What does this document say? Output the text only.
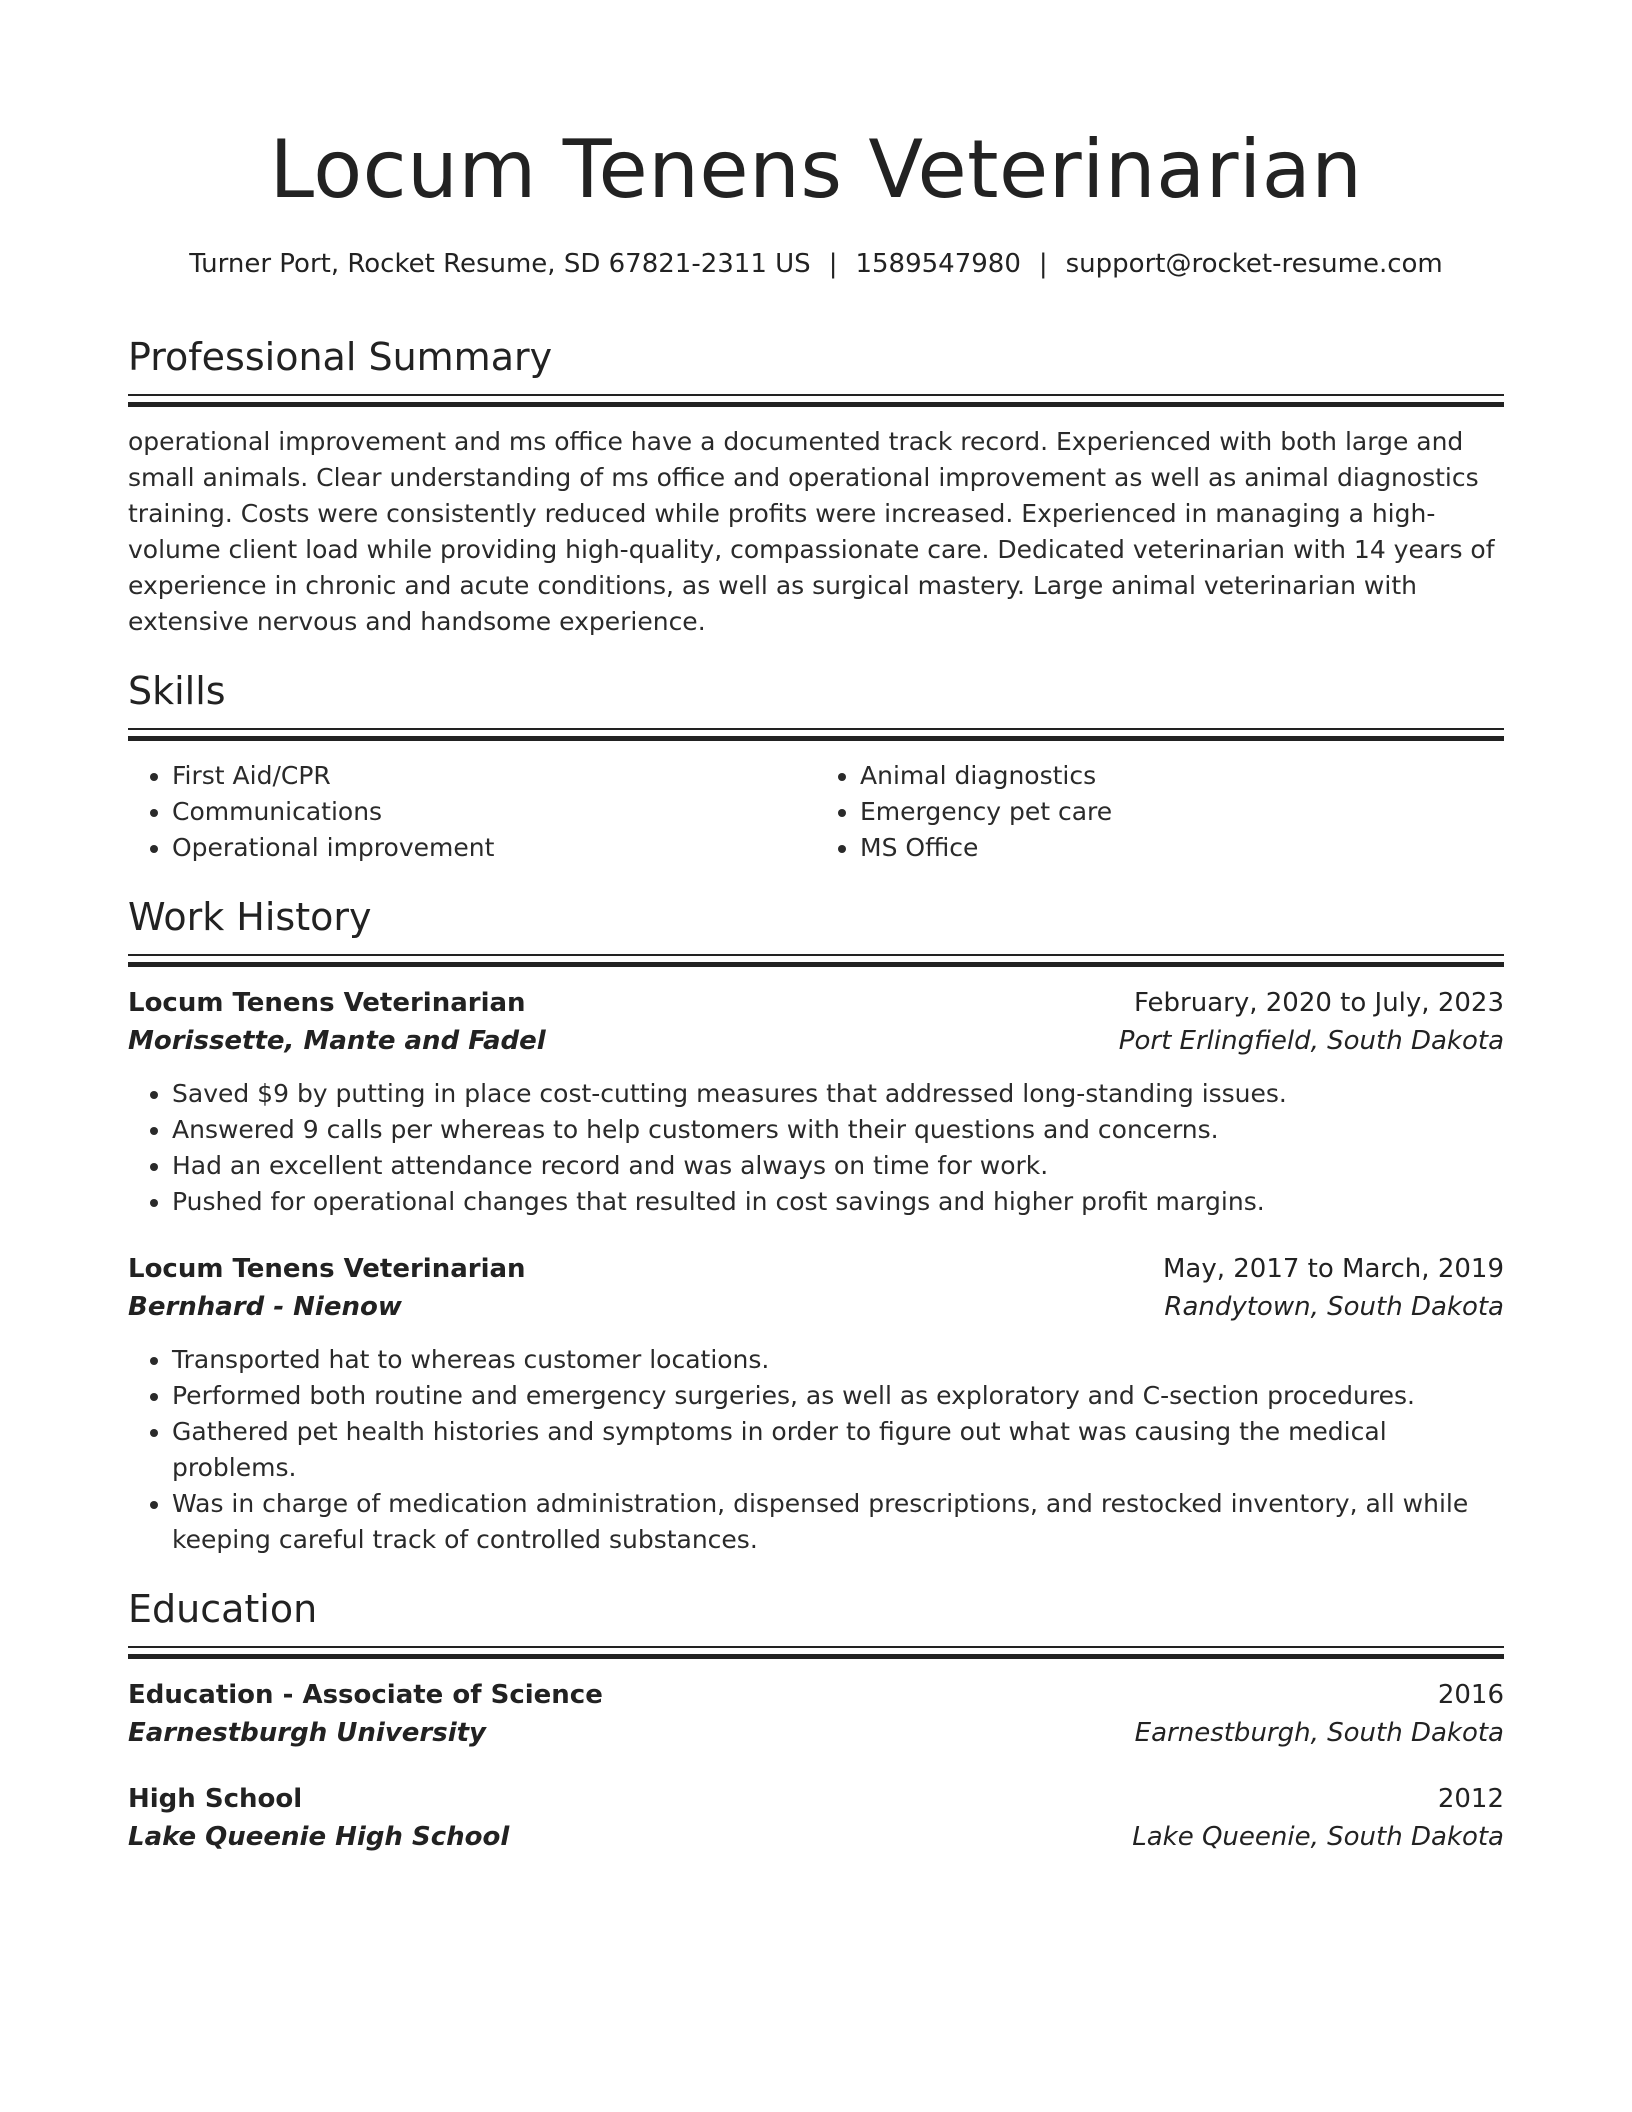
Locum Tenens Veterinarian
Turner Port, Rocket Resume, SD 67821-2311 US | 1589547980 | support@rocket-resume.com
Professional Summary

operational improvement and ms office have a documented track record. Experienced with both large and small animals. Clear understanding of ms office and operational improvement as well as animal diagnostics training. Costs were consistently reduced while profits were increased. Experienced in managing a high-volume client load while providing high-quality, compassionate care. Dedicated veterinarian with 14 years of experience in chronic and acute conditions, as well as surgical mastery. Large animal veterinarian with extensive nervous and handsome experience.

Skills
• First Aid/CPR
• Communications
• Operational improvement
• Animal diagnostics
• Emergency pet care
• MS Office
Work History
Locum Tenens Veterinarian	February, 2020 to July, 2023
Morissette, Mante and Fadel	Port Erlingfield, South Dakota
• Saved $9 by putting in place cost-cutting measures that addressed long-standing issues.
• Answered 9 calls per whereas to help customers with their questions and concerns.
• Had an excellent attendance record and was always on time for work.
• Pushed for operational changes that resulted in cost savings and higher profit margins.
Locum Tenens Veterinarian	May, 2017 to March, 2019
Bernhard - Nienow	Randytown, South Dakota
• Transported hat to whereas customer locations.
• Performed both routine and emergency surgeries, as well as exploratory and C-section procedures.
• Gathered pet health histories and symptoms in order to figure out what was causing the medical problems.
• Was in charge of medication administration, dispensed prescriptions, and restocked inventory, all while keeping careful track of controlled substances.
Education
Education - Associate of Science	2016
Earnestburgh University	Earnestburgh, South Dakota
High School	2012
Lake Queenie High School	Lake Queenie, South Dakota
